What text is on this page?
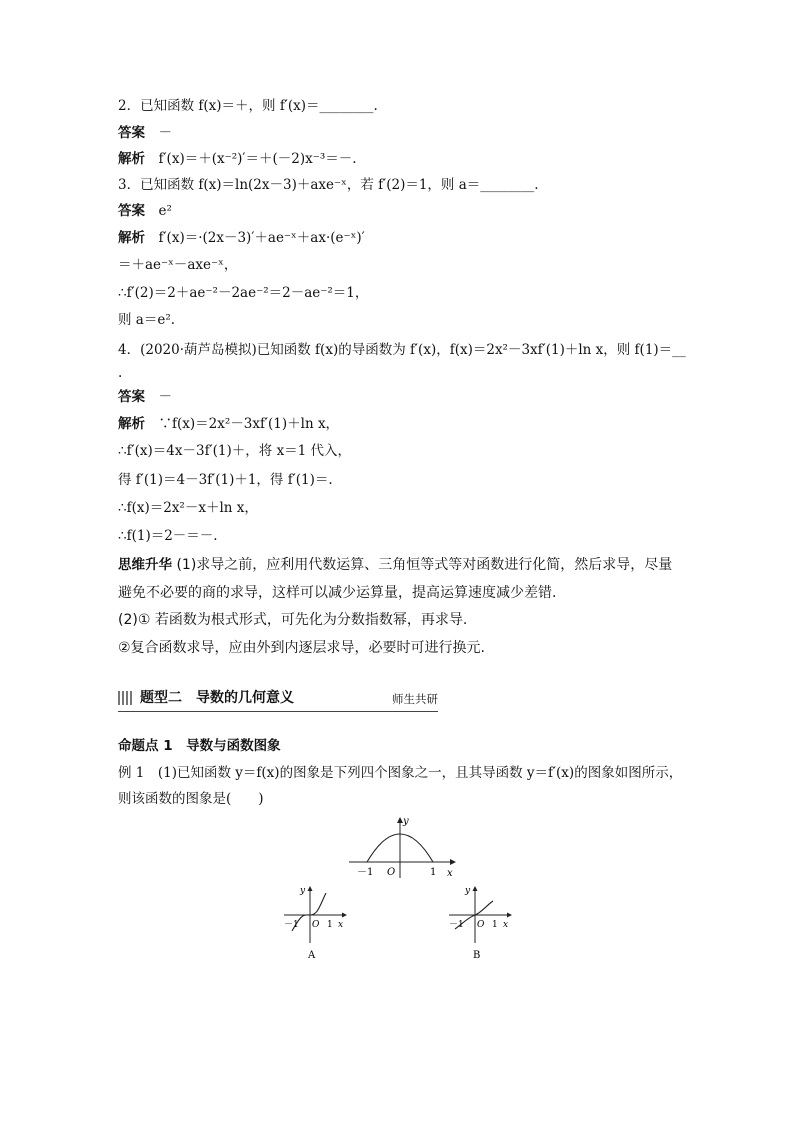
2．已知函数 f(x)＝＋，则 f′(x)＝________.
答案　－
解析　f′(x)＝＋(x⁻²)′＝＋(－2)x⁻³＝－.
3．已知函数 f(x)＝ln(2x－3)＋axe⁻ˣ，若 f′(2)＝1，则 a＝________.
答案　e²
解析　f′(x)＝·(2x－3)′＋ae⁻ˣ＋ax·(e⁻ˣ)′
＝＋ae⁻ˣ－axe⁻ˣ，
∴f′(2)＝2＋ae⁻²－2ae⁻²＝2－ae⁻²＝1，
则 a＝e².
4．(2020·葫芦岛模拟)已知函数 f(x)的导函数为 f′(x)，f(x)＝2x²－3xf′(1)＋ln x，则 f(1)＝__
.
答案　－
解析　∵f(x)＝2x²－3xf′(1)＋ln x，
∴f′(x)＝4x－3f′(1)＋，将 x＝1 代入，
得 f′(1)＝4－3f′(1)＋1，得 f′(1)＝.
∴f(x)＝2x²－x＋ln x，
∴f(1)＝2－＝－.
思维升华 (1)求导之前，应利用代数运算、三角恒等式等对函数进行化简，然后求导，尽量
避免不必要的商的求导，这样可以减少运算量，提高运算速度减少差错.
(2)① 若函数为根式形式，可先化为分数指数幂，再求导.
②复合函数求导，应由外到内逐层求导，必要时可进行换元.
题型二　导数的几何意义	师生共研
命题点 1　导数与函数图象
例 1　(1)已知函数 y＝f(x)的图象是下列四个图象之一，且其导函数 y＝f′(x)的图象如图所示，
则该函数的图象是(　　)
y
x
O
－1	1
y
x
O
－1	1
A
y
x
O
－1	1
B
